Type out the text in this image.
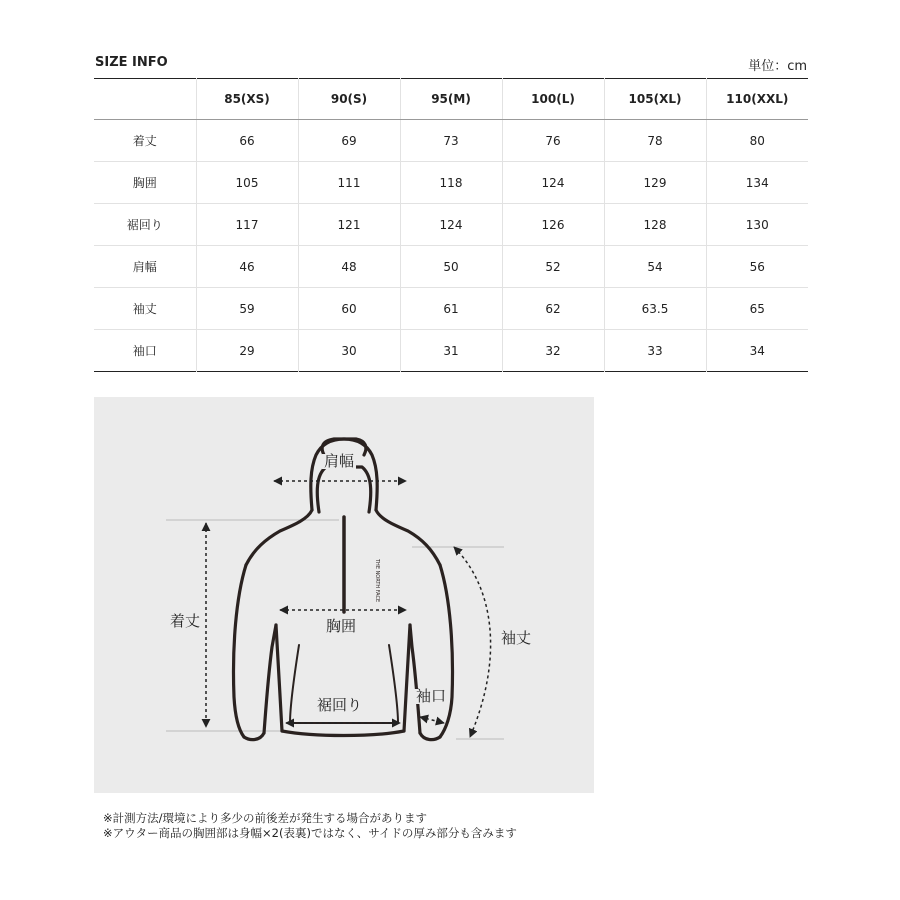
SIZE INFO	単位：cm
	85(XS)	90(S)	95(M)	100(L)	105(XL)	110(XXL)
着丈	66	69	73	76	78	80
胸囲	105	111	118	124	129	134
裾回り	117	121	124	126	128	130
肩幅	46	48	50	52	54	56
袖丈	59	60	61	62	63.5	65
袖口	29	30	31	32	33	34
THE NORTH FACE
肩幅
着丈	胸囲
袖丈
袖口
裾回り
※計測方法/環境により多少の前後差が発生する場合があります
※アウター商品の胸囲部は身幅×2(表裏)ではなく、サイドの厚み部分も含みます
